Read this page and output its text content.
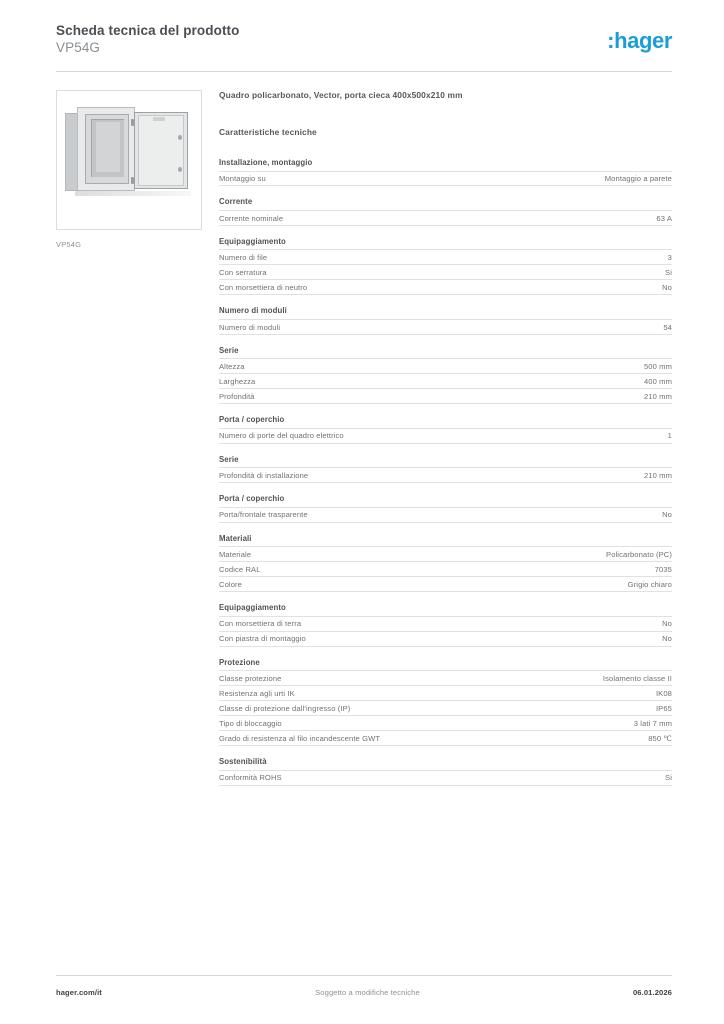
Scheda tecnica del prodotto
VP54G	:hager
VP54G
Quadro policarbonato, Vector, porta cieca 400x500x210 mm
Caratteristiche tecniche
Installazione, montaggio
Montaggio su	Montaggio a parete
Corrente
Corrente nominale	63 A
Equipaggiamento
Numero di file	3
Con serratura	Si
Con morsettiera di neutro	No
Numero di moduli
Numero di moduli	54
Serie
Altezza	500 mm
Larghezza	400 mm
Profondità	210 mm
Porta / coperchio
Numero di porte del quadro elettrico	1
Serie
Profondità di installazione	210 mm
Porta / coperchio
Porta/frontale trasparente	No
Materiali
Materiale	Policarbonato (PC)
Codice RAL	7035
Colore	Grigio chiaro
Equipaggiamento
Con morsettiera di terra	No
Con piastra di montaggio	No
Protezione
Classe protezione	Isolamento classe II
Resistenza agli urti IK	IK08
Classe di protezione dall’ingresso (IP)	IP65
Tipo di bloccaggio	3 lati 7 mm
Grado di resistenza al filo incandescente GWT	850 ℃
Sostenibilità
Conformità ROHS	Si
hager.com/it	Soggetto a modifiche tecniche	06.01.2026
